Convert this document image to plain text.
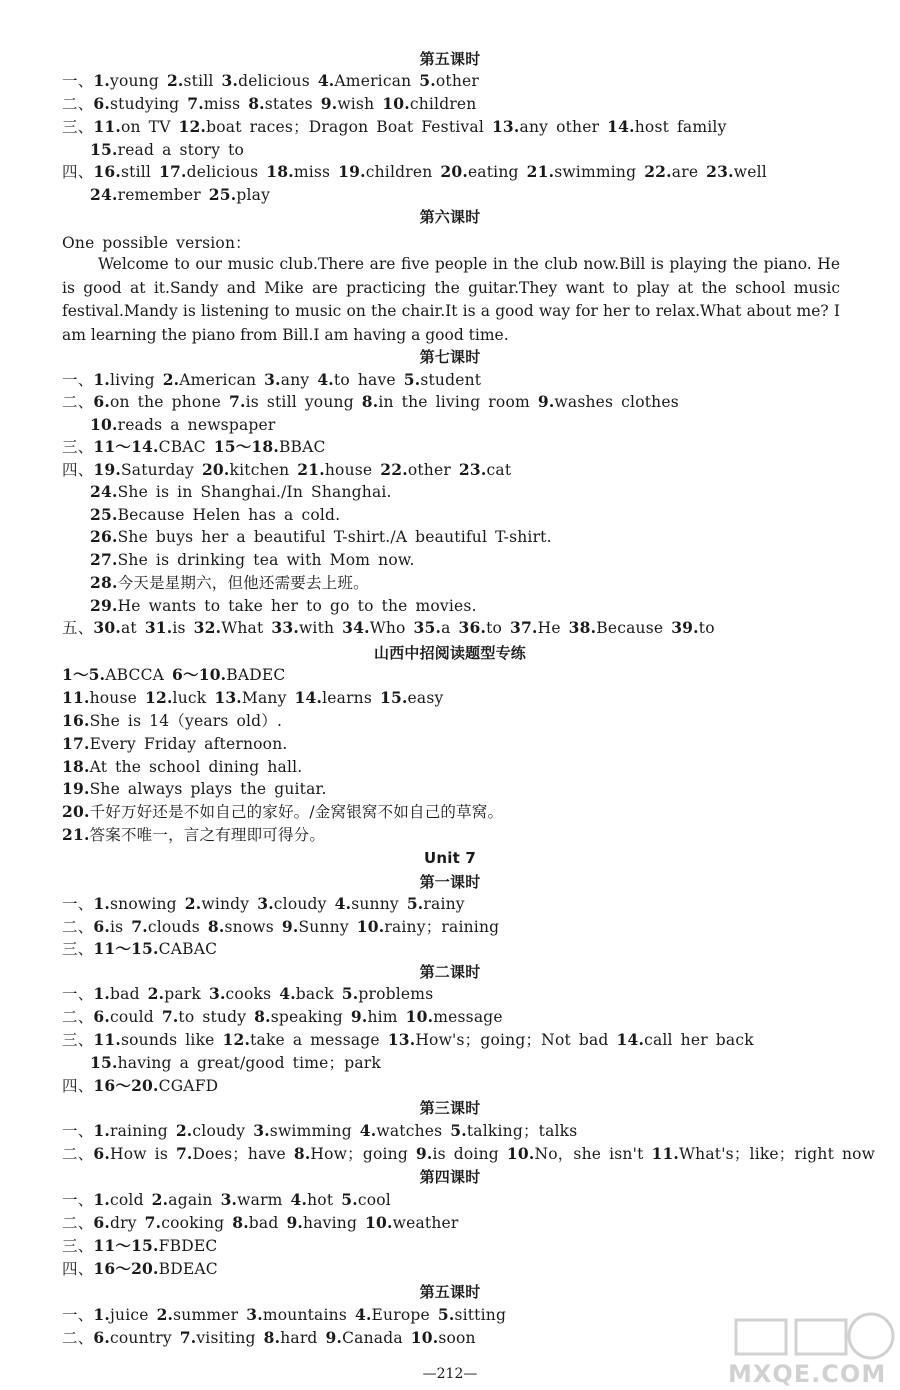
第五课时
一、1.young  2.still  3.delicious  4.American  5.other
二、6.studying  7.miss  8.states  9.wish  10.children
三、11.on  TV  12.boat  races；Dragon  Boat  Festival  13.any  other  14.host  family
15.read  a  story  to
四、16.still  17.delicious  18.miss  19.children  20.eating  21.swimming  22.are  23.well
24.remember  25.play
第六课时
One  possible  version：
Welcome to our music club.There are five people in the club now.Bill is playing the piano. He is good at it.Sandy and Mike are practicing the guitar.They want to play at the school music festival.Mandy is listening to music on the chair.It is a good way for her to relax.What about me? I am learning the piano from Bill.I am having a good time.
第七课时
一、1.living  2.American  3.any  4.to  have  5.student
二、6.on  the  phone  7.is  still  young  8.in  the  living  room  9.washes  clothes
10.reads  a  newspaper
三、11～14.CBAC  15～18.BBAC
四、19.Saturday  20.kitchen  21.house  22.other  23.cat
24.She  is  in  Shanghai./In  Shanghai.
25.Because  Helen  has  a  cold.
26.She  buys  her  a  beautiful  T-shirt./A  beautiful  T-shirt.
27.She  is  drinking  tea  with  Mom  now.
28.今天是星期六，但他还需要去上班。
29.He  wants  to  take  her  to  go  to  the  movies.
五、30.at  31.is  32.What  33.with  34.Who  35.a  36.to  37.He  38.Because  39.to
山西中招阅读题型专练
1～5.ABCCA  6～10.BADEC
11.house  12.luck  13.Many  14.learns  15.easy
16.She  is  14（years  old）.
17.Every  Friday  afternoon.
18.At  the  school  dining  hall.
19.She  always  plays  the  guitar.
20.千好万好还是不如自己的家好。/金窝银窝不如自己的草窝。
21.答案不唯一，言之有理即可得分。
Unit 7
第一课时
一、1.snowing  2.windy  3.cloudy  4.sunny  5.rainy
二、6.is  7.clouds  8.snows  9.Sunny  10.rainy；raining
三、11～15.CABAC
第二课时
一、1.bad  2.park  3.cooks  4.back  5.problems
二、6.could  7.to  study  8.speaking  9.him  10.message
三、11.sounds  like  12.take  a  message  13.How's；going；Not  bad  14.call  her  back
15.having  a  great/good  time；park
四、16～20.CGAFD
第三课时
一、1.raining  2.cloudy  3.swimming  4.watches  5.talking；talks
二、6.How  is  7.Does；have  8.How；going  9.is  doing  10.No，she  isn't  11.What's；like；right  now
第四课时
一、1.cold  2.again  3.warm  4.hot  5.cool
二、6.dry  7.cooking  8.bad  9.having  10.weather
三、11～15.FBDEC
四、16～20.BDEAC
第五课时
一、1.juice  2.summer  3.mountains  4.Europe  5.sitting
二、6.country  7.visiting  8.hard  9.Canada  10.soon
—212—	MXQE.COM
